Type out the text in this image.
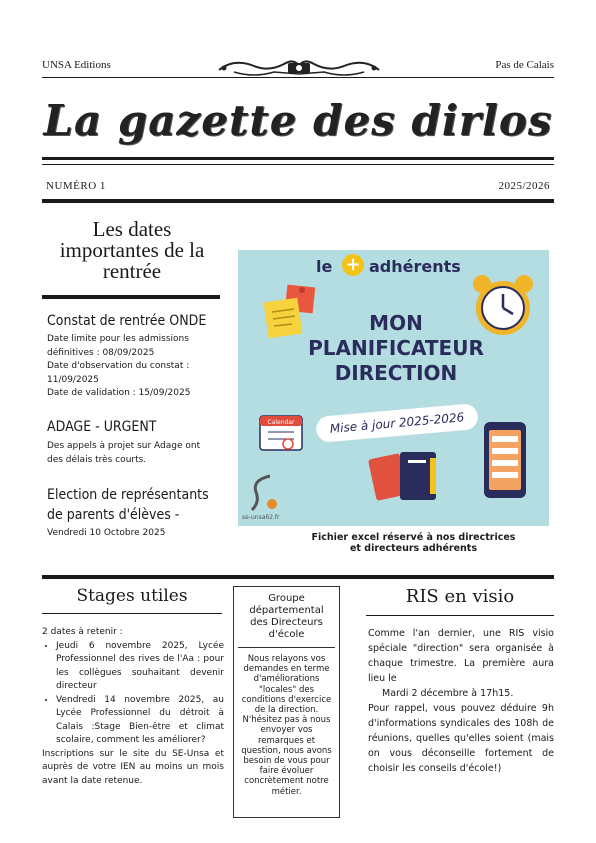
UNSA Editions	Pas de Calais
La gazette des dirlos
NUMÉRO 1	2025/2026
Les dates importantes de la rentrée
Constat de rentrée ONDE
Date limite pour les admissions définitives : 08/09/2025
Date d'observation du constat : 11/09/2025
Date de validation : 15/09/2025
ADAGE - URGENT
Des appels à projet sur Adage ont des délais très courts.
Election de représentants de parents d'élèves -
Vendredi 10 Octobre 2025
le + adhérents
MON
PLANIFICATEUR
DIRECTION
Calendar	Mise à jour 2025-2026
se-unsa62.fr
Fichier excel réservé à nos directrices
et directeurs adhérents
Stages utiles
2 dates à retenir :
• Jeudi 6 novembre 2025, Lycée Professionnel des rives de l'Aa : pour les collègues souhaitant devenir directeur
• Vendredi 14 novembre 2025, au Lycée Professionnel du détroit à Calais :Stage Bien-être et climat scolaire, comment les améliorer?
Inscriptions sur le site du SE-Unsa et auprès de votre IEN au moins un mois avant la date retenue.
Groupe départemental des Directeurs d'école
Nous relayons vos demandes en terme d'améliorations "locales" des conditions d'exercice de la direction. N'hésitez pas à nous envoyer vos remarques et question, nous avons besoin de vous pour faire évoluer concrètement notre métier.
RIS en visio
Comme l'an dernier, une RIS visio spéciale "direction" sera organisée à chaque trimestre. La première aura lieu le
Mardi 2 décembre à 17h15.
Pour rappel, vous pouvez déduire 9h d'informations syndicales des 108h de réunions, quelles qu'elles soient (mais on vous déconseille fortement de choisir les conseils d'école!)
